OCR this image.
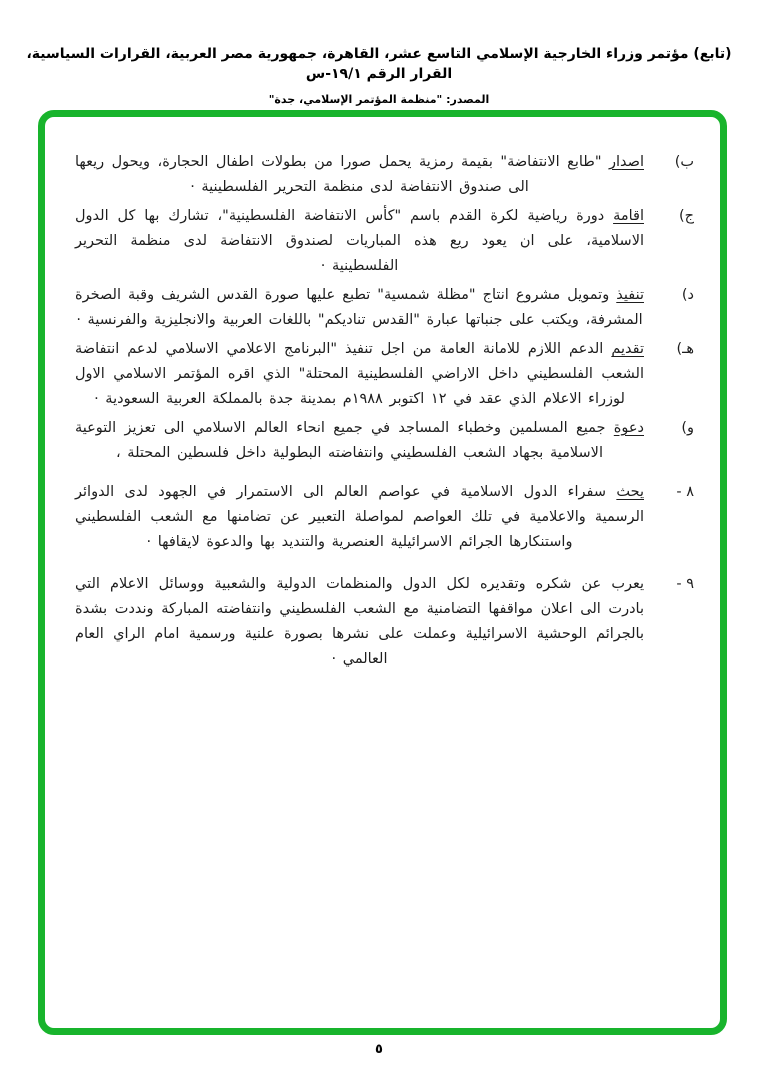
(تابع) مؤتمر وزراء الخارجية الإسلامي التاسع عشر، القاهرة، جمهورية مصر العربية، القرارات السياسية، القرار الرقم ١٩/١-س
المصدر: "منظمة المؤتمر الإسلامي، جدة"
ب)

اصدار "طابع الانتفاضة" بقيمة رمزية يحمل صورا من بطولات اطفال الحجارة، ويحول ريعها الى صندوق الانتفاضة لدى منظمة التحرير الفلسطينية ·

ج)

اقامة دورة رياضية لكرة القدم باسم "كأس الانتفاضة الفلسطينية"، تشارك بها كل الدول الاسلامية، على ان يعود ريع هذه المباريات لصندوق الانتفاضة لدى منظمة التحرير الفلسطينية ·

د)

تنفيذ وتمويل مشروع انتاج "مظلة شمسية" تطبع عليها صورة القدس الشريف وقبة الصخرة المشرفة، ويكتب على جنباتها عبارة "القدس تناديكم" باللغات العربية والانجليزية والفرنسية ·

هـ)

تقديم الدعم اللازم للامانة العامة من اجل تنفيذ "البرنامج الاعلامي الاسلامي لدعم انتفاضة الشعب الفلسطيني داخل الاراضي الفلسطينية المحتلة" الذي اقره المؤتمر الاسلامي الاول لوزراء الاعلام الذي عقد في ١٢ اكتوبر ١٩٨٨م بمدينة جدة بالمملكة العربية السعودية ·

و)

دعوة جميع المسلمين وخطباء المساجد في جميع انحاء العالم الاسلامي الى تعزيز التوعية الاسلامية بجهاد الشعب الفلسطيني وانتفاضته البطولية داخل فلسطين المحتلة ،

٨ -

يحث سفراء الدول الاسلامية في عواصم العالم الى الاستمرار في الجهود لدى الدوائر الرسمية والاعلامية في تلك العواصم لمواصلة التعبير عن تضامنها مع الشعب الفلسطيني واستنكارها الجرائم الاسرائيلية العنصرية والتنديد بها والدعوة لايقافها ·

٩ -

يعرب عن شكره وتقديره لكل الدول والمنظمات الدولية والشعبية ووسائل الاعلام التي بادرت الى اعلان مواقفها التضامنية مع الشعب الفلسطيني وانتفاضته المباركة ونددت بشدة بالجرائم الوحشية الاسرائيلية وعملت على نشرها بصورة علنية ورسمية امام الراي العام العالمي ·

٥
